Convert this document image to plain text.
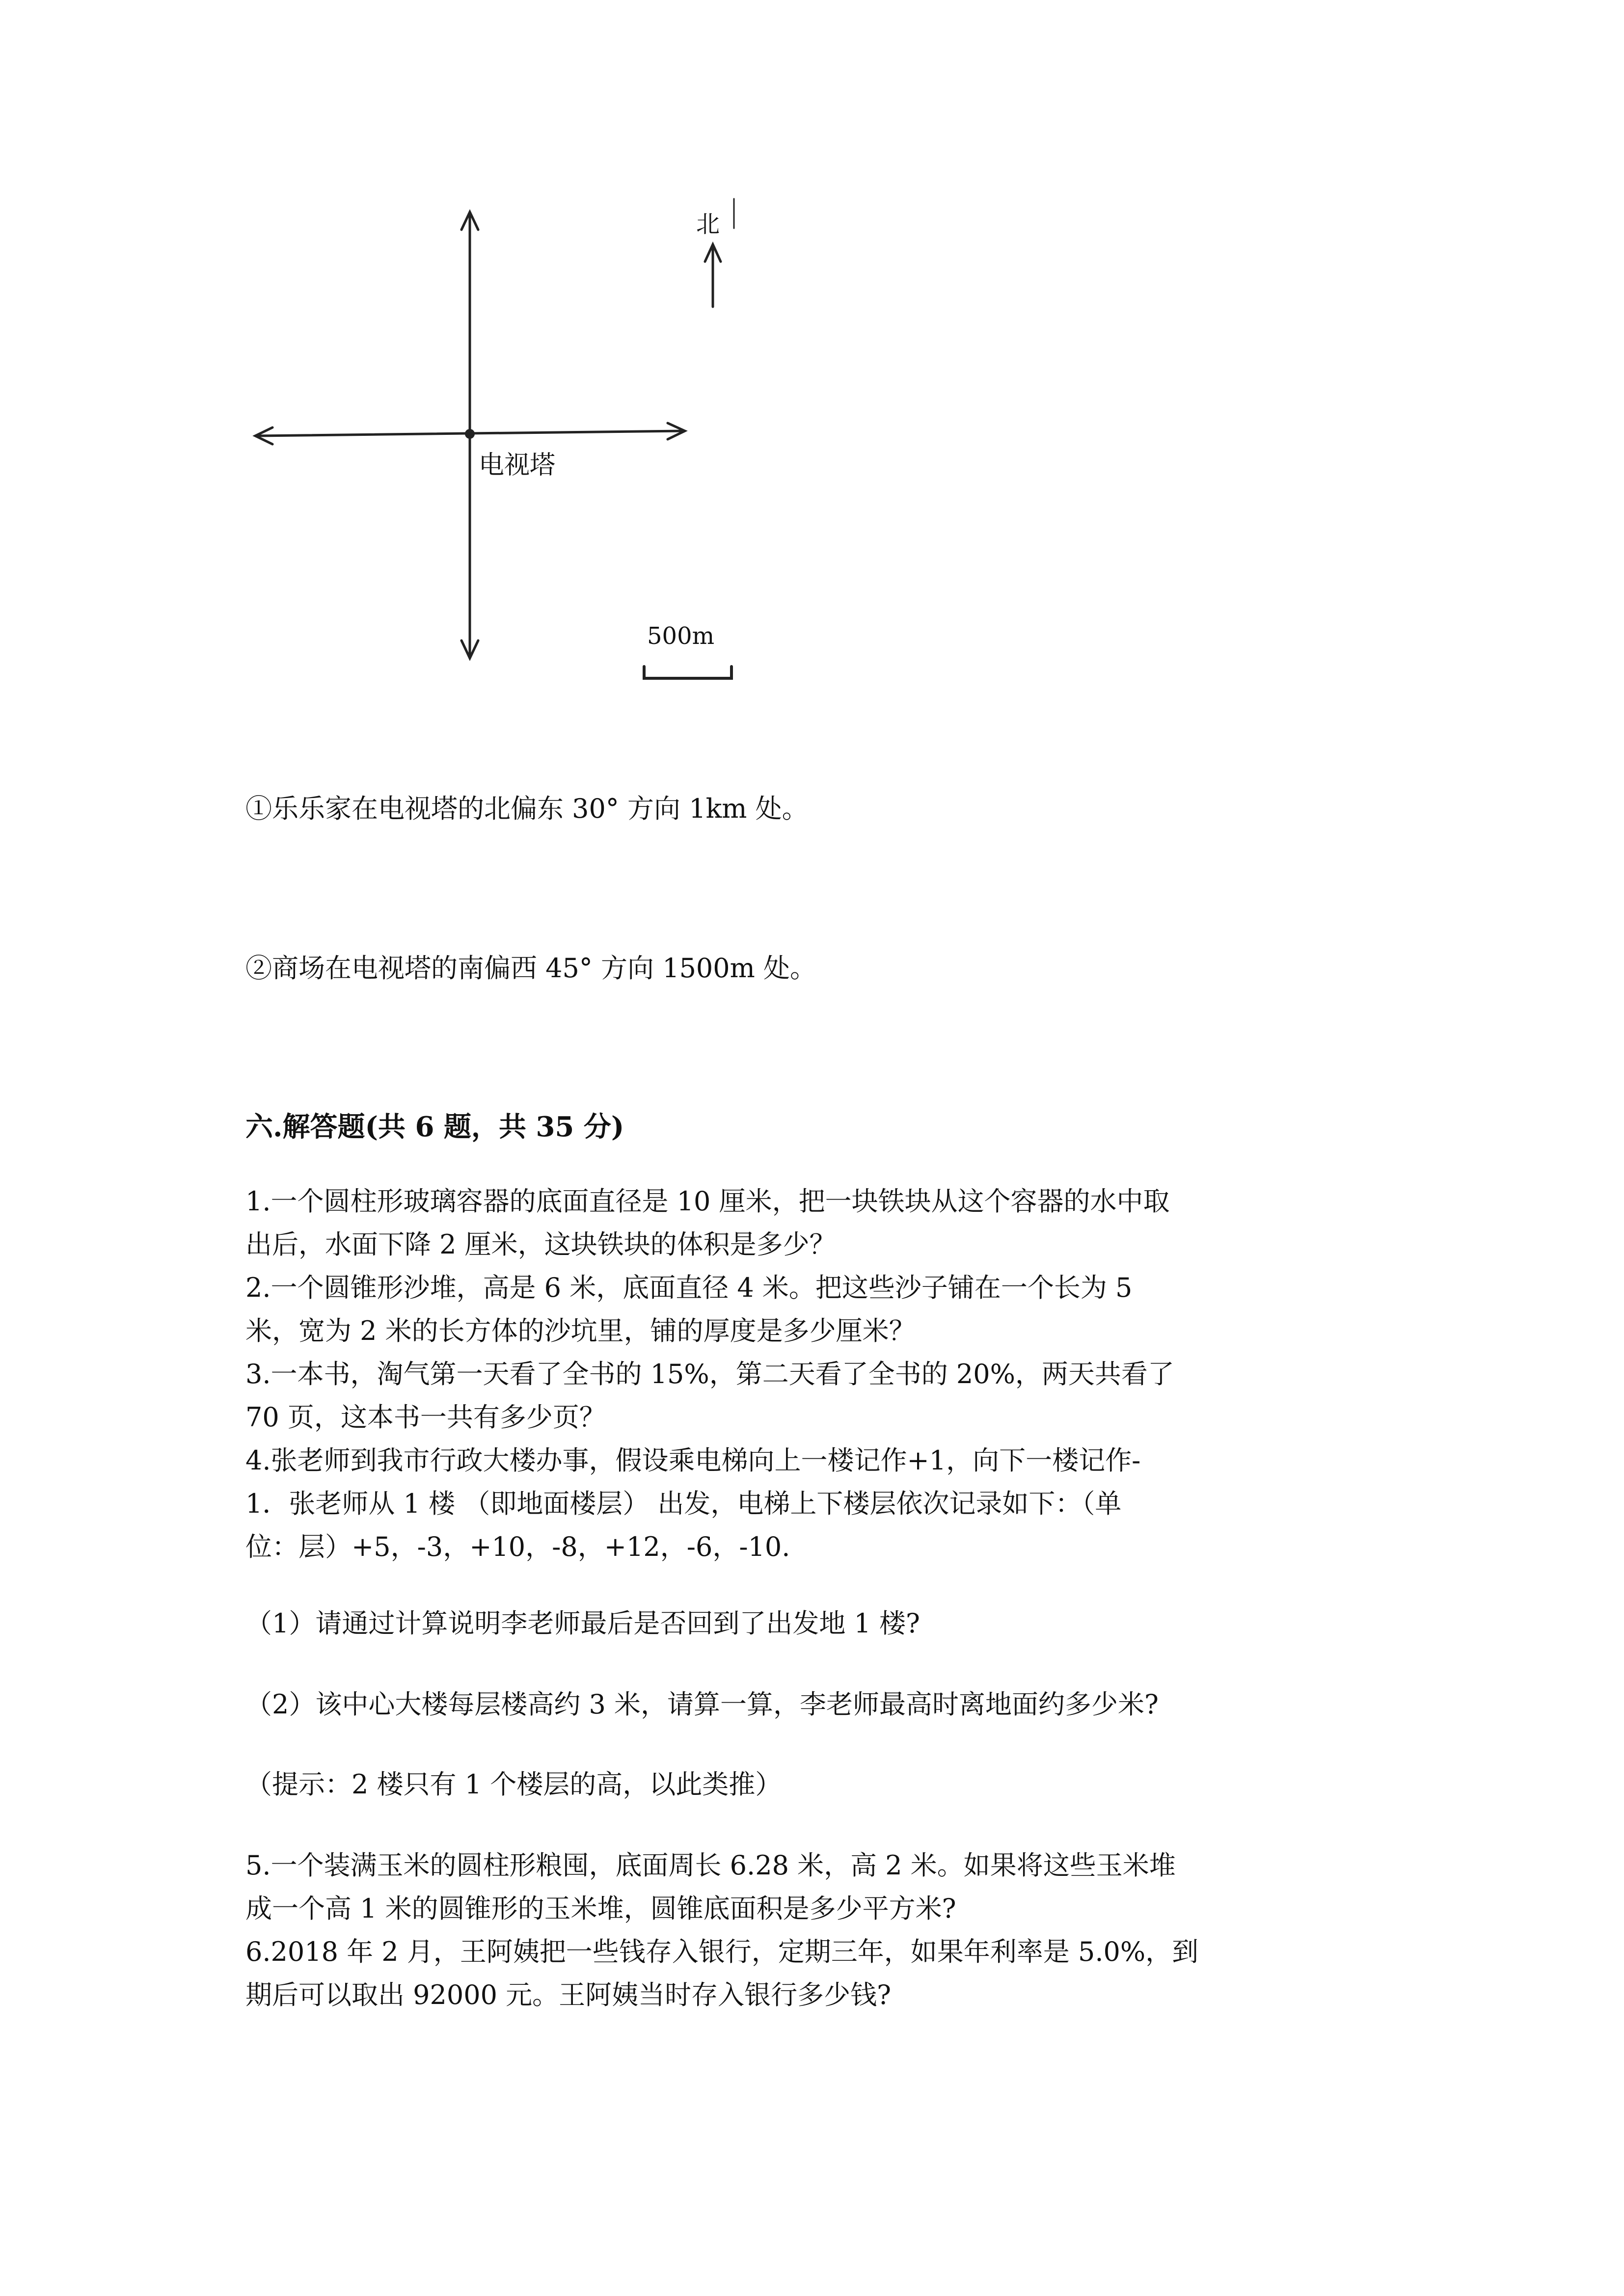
北
电视塔
500m
①乐乐家在电视塔的北偏东 30° 方向 1km 处。
②商场在电视塔的南偏西 45° 方向 1500m 处。
六.解答题(共 6 题，共 35 分)
1.一个圆柱形玻璃容器的底面直径是 10 厘米，把一块铁块从这个容器的水中取
出后，水面下降 2 厘米，这块铁块的体积是多少？
2.一个圆锥形沙堆，高是 6 米，底面直径 4 米。把这些沙子铺在一个长为 5
米，宽为 2 米的长方体的沙坑里，铺的厚度是多少厘米？
3.一本书，淘气第一天看了全书的 15%，第二天看了全书的 20%，两天共看了
70 页，这本书一共有多少页？
4.张老师到我市行政大楼办事，假设乘电梯向上一楼记作+1，向下一楼记作-
1．张老师从 1 楼 （即地面楼层） 出发，电梯上下楼层依次记录如下：（单
位：层）+5，-3，+10，-8，+12，-6，-10.
（1）请通过计算说明李老师最后是否回到了出发地 1 楼?
（2）该中心大楼每层楼高约 3 米，请算一算，李老师最高时离地面约多少米?
（提示：2 楼只有 1 个楼层的高，以此类推）
5.一个装满玉米的圆柱形粮囤，底面周长 6.28 米，高 2 米。如果将这些玉米堆
成一个高 1 米的圆锥形的玉米堆，圆锥底面积是多少平方米?
6.2018 年 2 月，王阿姨把一些钱存入银行，定期三年，如果年利率是 5.0%，到
期后可以取出 92000 元。王阿姨当时存入银行多少钱?
